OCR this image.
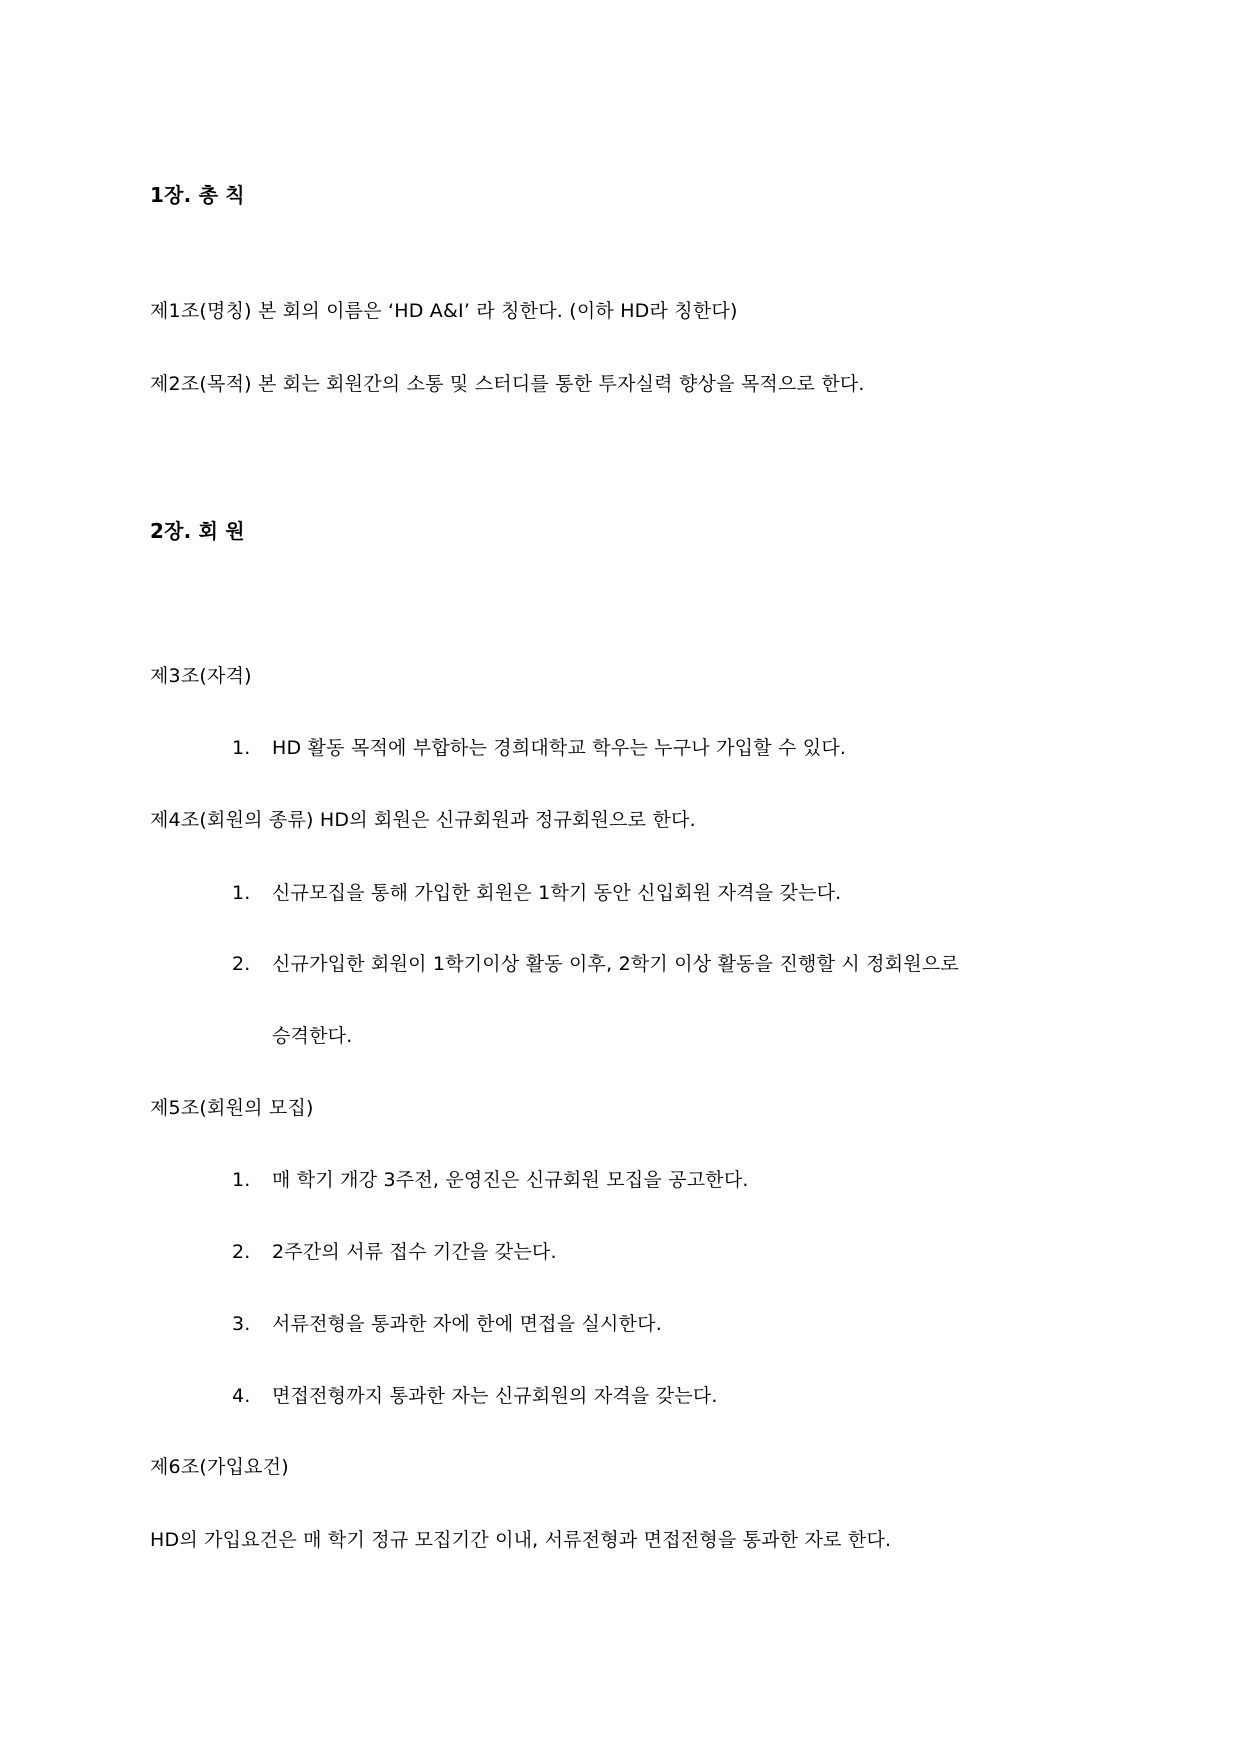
1장. 총 칙
제1조(명칭) 본 회의 이름은 ‘HD A&I’ 라 칭한다. (이하 HD라 칭한다)
제2조(목적) 본 회는 회원간의 소통 및 스터디를 통한 투자실력 향상을 목적으로 한다.
2장. 회 원
제3조(자격)
1. HD 활동 목적에 부합하는 경희대학교 학우는 누구나 가입할 수 있다.
제4조(회원의 종류) HD의 회원은 신규회원과 정규회원으로 한다.
1. 신규모집을 통해 가입한 회원은 1학기 동안 신입회원 자격을 갖는다.
2. 신규가입한 회원이 1학기이상 활동 이후, 2학기 이상 활동을 진행할 시 정회원으로
승격한다.
제5조(회원의 모집)
1. 매 학기 개강 3주전, 운영진은 신규회원 모집을 공고한다.
2. 2주간의 서류 접수 기간을 갖는다.
3. 서류전형을 통과한 자에 한에 면접을 실시한다.
4. 면접전형까지 통과한 자는 신규회원의 자격을 갖는다.
제6조(가입요건)
HD의 가입요건은 매 학기 정규 모집기간 이내, 서류전형과 면접전형을 통과한 자로 한다.
